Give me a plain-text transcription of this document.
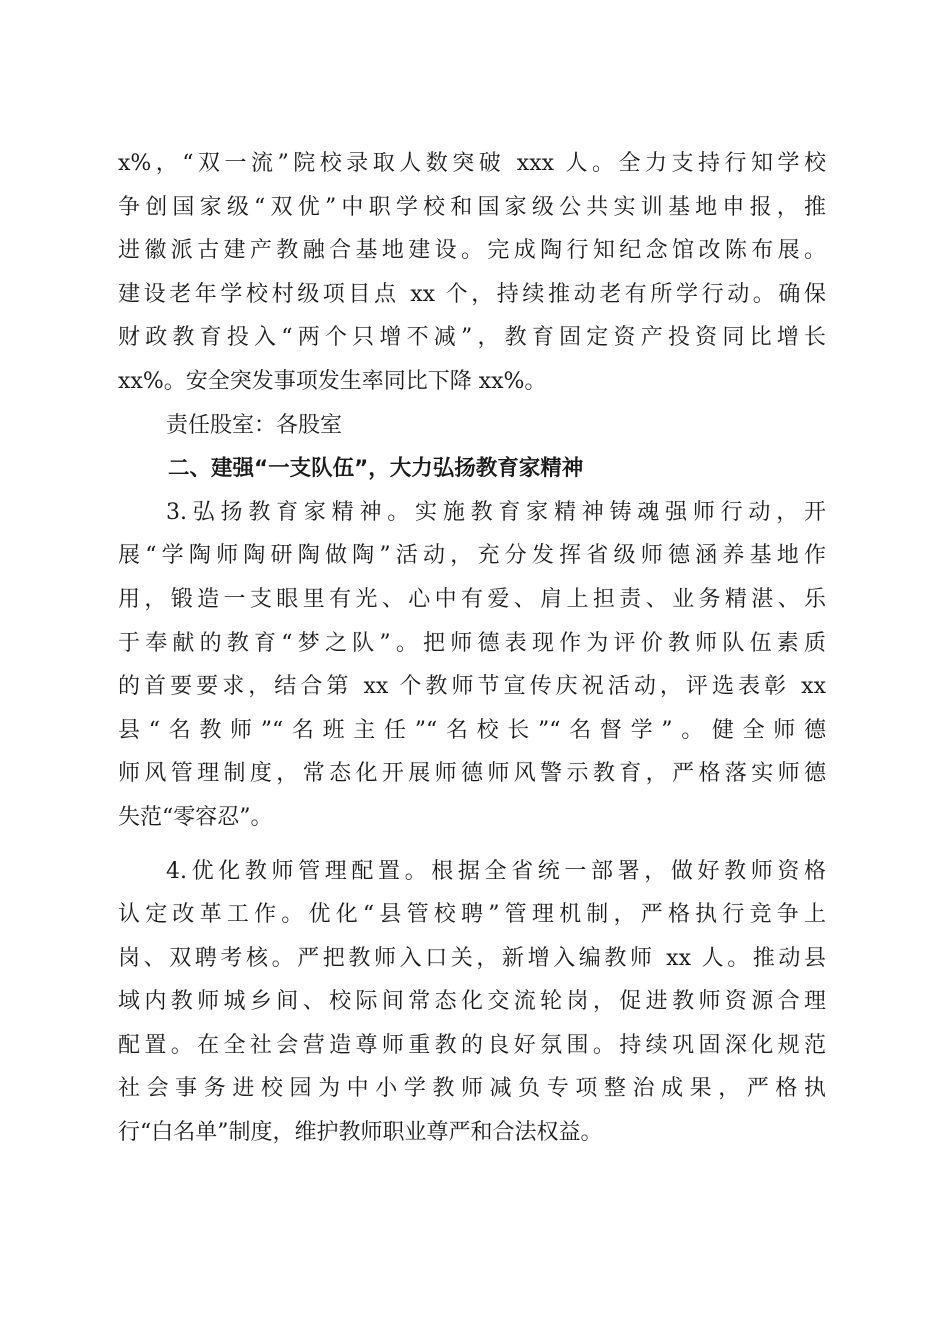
x%，“双一流”院校录取人数突破 xxx 人。全力支持行知学校
争创国家级“双优”中职学校和国家级公共实训基地申报，推
进徽派古建产教融合基地建设。完成陶行知纪念馆改陈布展。
建设老年学校村级项目点 xx 个，持续推动老有所学行动。确保
财政教育投入“两个只增不减”，教育固定资产投资同比增长
xx%。安全突发事项发生率同比下降 xx%。
责任股室：各股室
二、建强“一支队伍”，大力弘扬教育家精神
3.弘扬教育家精神。实施教育家精神铸魂强师行动，开
展“学陶师陶研陶做陶”活动，充分发挥省级师德涵养基地作
用，锻造一支眼里有光、心中有爱、肩上担责、业务精湛、乐
于奉献的教育“梦之队”。把师德表现作为评价教师队伍素质
的首要要求，结合第 xx 个教师节宣传庆祝活动，评选表彰 xx
县“名教师”“名班主任”“名校长”“名督学”。健全师德
师风管理制度，常态化开展师德师风警示教育，严格落实师德
失范“零容忍”。
4.优化教师管理配置。根据全省统一部署，做好教师资格
认定改革工作。优化“县管校聘”管理机制，严格执行竞争上
岗、双聘考核。严把教师入口关，新增入编教师 xx 人。推动县
域内教师城乡间、校际间常态化交流轮岗，促进教师资源合理
配置。在全社会营造尊师重教的良好氛围。持续巩固深化规范
社会事务进校园为中小学教师减负专项整治成果，严格执
行“白名单”制度，维护教师职业尊严和合法权益。
